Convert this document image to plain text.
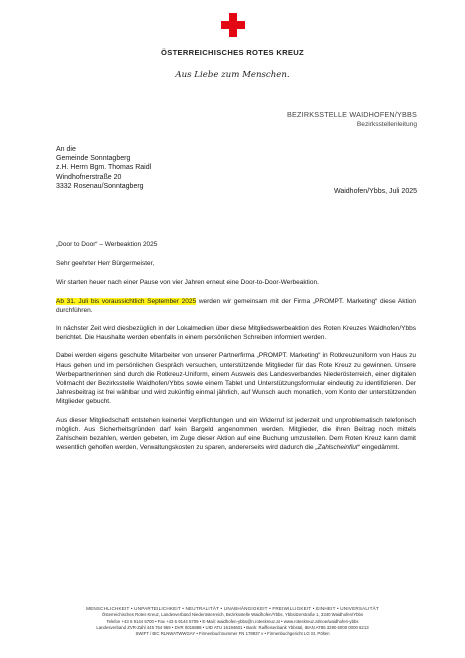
ÖSTERREICHISCHES ROTES KREUZ
Aus Liebe zum Menschen.
BEZIRKSSTELLE WAIDHOFEN/YBBS
Bezirksstellenleitung
An die
Gemeinde Sonntagberg
z.H. Herrn Bgm. Thomas Raidl
Windhofnerstraße 20
3332 Rosenau/Sonntagberg
Waidhofen/Ybbs, Juli 2025

„Door to Door“ – Werbeaktion 2025

Sehr geehrter Herr Bürgermeister,

Wir starten heuer nach einer Pause von vier Jahren erneut eine Door-to-Door-Werbeaktion.

Ab 31. Juli bis voraussichtlich September 2025 werden wir gemeinsam mit der Firma „PROMPT. Marketing“ diese Aktion durchführen.

In nächster Zeit wird diesbezüglich in der Lokalmedien über diese Mitgliedswerbeaktion des Roten Kreuzes Waidhofen/Ybbs berichtet. Die Haushalte werden ebenfalls in einem persönlichen Schreiben informiert werden.

Dabei werden eigens geschulte Mitarbeiter von unserer Partnerfirma „PROMPT. Marketing“ in Rotkreuzuniform von Haus zu Haus gehen und im persönlichen Gespräch versuchen, unterstützende Mitglieder für das Rote Kreuz zu gewinnen. Unsere Werbepartnerinnen sind durch die Rotkreuz-Uniform, einem Ausweis des Landesverbandes Niederösterreich, einer digitalen Vollmacht der Bezirksstelle Waidhofen/Ybbs sowie einem Tablet und Unterstützungsformular eindeutig zu identifizieren. Der Jahresbeitrag ist frei wählbar und wird zukünftig einmal jährlich, auf Wunsch auch monatlich, vom Konto der unterstützenden Mitglieder gebucht.

Aus dieser Mitgliedschaft entstehen keinerlei Verpflichtungen und ein Widerruf ist jederzeit und unproblematisch telefonisch möglich. Aus Sicherheitsgründen darf kein Bargeld angenommen werden. Mitglieder, die ihren Beitrag noch mittels Zahlschein bezahlen, werden gebeten, im Zuge dieser Aktion auf eine Buchung umzustellen. Dem Roten Kreuz kann damit wesentlich geholfen werden, Verwaltungskosten zu sparen, andererseits wird dadurch die „Zahlscheinflut“ eingedämmt.

MENSCHLICHKEIT • UNPARTEILICHKEIT • NEUTRALITÄT • UNABHÄNGIGKEIT • FREIWILLIGKEIT • EINHEIT • UNIVERSALITÄT
Österreichisches Rotes Kreuz, Landesverband Niederösterreich, Bezirksstelle Waidhofen/Ybbs, Ybbsitzerstraße 1, 3340 Waidhofen/Ybbs
Telefon +43 5 9144 5700 • Fax +43 5 9144 5709 • E-Mail: waidhofen-ybbs@n.roteskreuz.at • www.roteskreuz.at/noe/waidhofen-ybbs
Landesverband ZVR-Zahl 445 764 959 • DVR 0016888 • UID ATU 16194601 • Bank: Raiffeisenbank Ybbstal, IBAN AT86 3290 6000 0000 6213
SWIFT / BIC RLNWATWWGAY • Firmenbuchnummer FN 178937 v • Firmenbuchgericht LG St. Pölten
